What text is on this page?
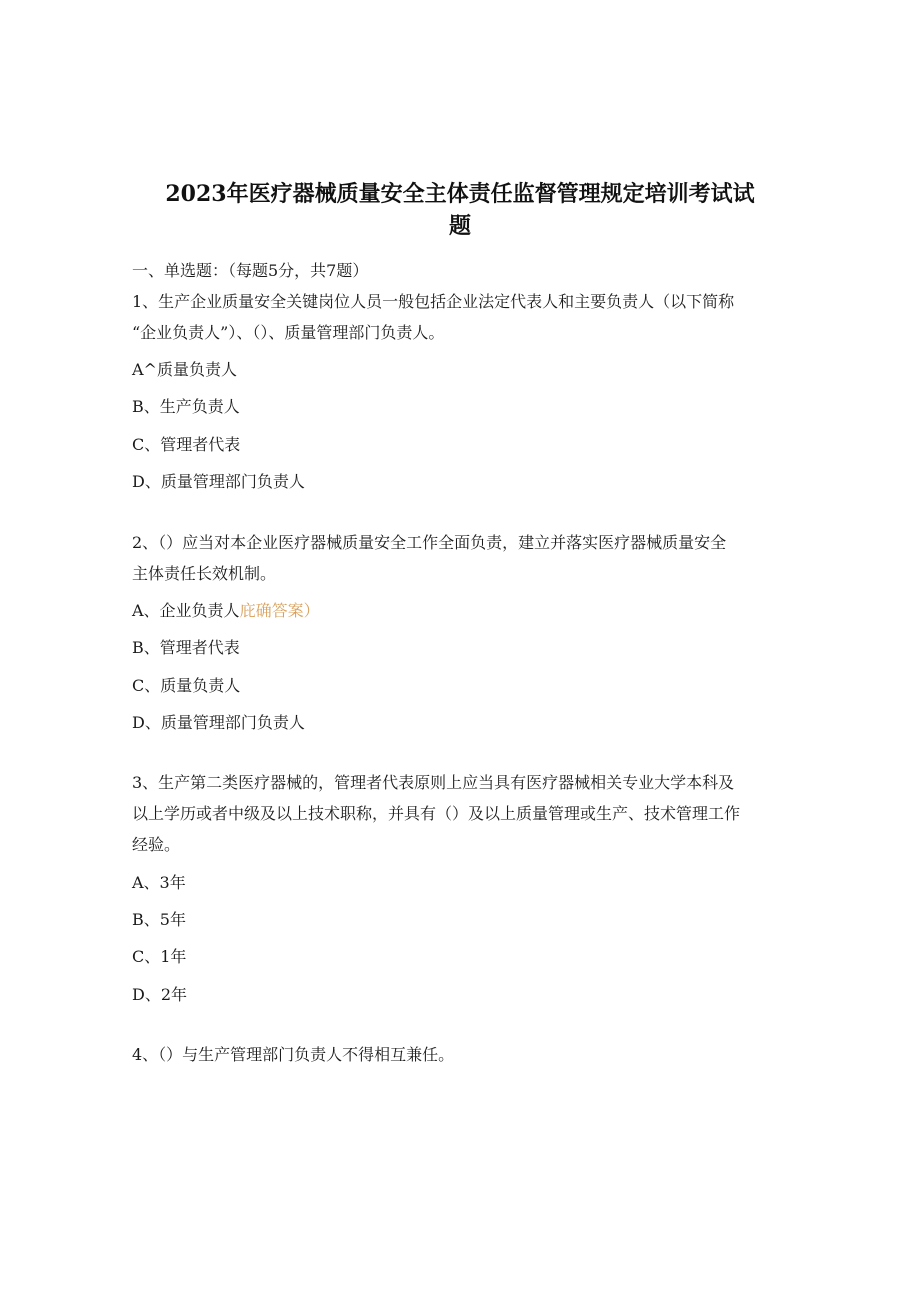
2023年医疗器械质量安全主体责任监督管理规定培训考试试
题
一、单选题：（每题5分，共7题）
1、生产企业质量安全关键岗位人员一般包括企业法定代表人和主要负责人（以下简称
“企业负责人”）、（）、质量管理部门负责人。
A^质量负责人
B、生产负责人
C、管理者代表
D、质量管理部门负责人
2、（）应当对本企业医疗器械质量安全工作全面负责，建立并落实医疗器械质量安全
主体责任长效机制。
A、企业负责人庇确答案）
B、管理者代表
C、质量负责人
D、质量管理部门负责人
3、生产第二类医疗器械的，管理者代表原则上应当具有医疗器械相关专业大学本科及
以上学历或者中级及以上技术职称，并具有（）及以上质量管理或生产、技术管理工作
经验。
A、3年
B、5年
C、1年
D、2年
4、（）与生产管理部门负责人不得相互兼任。
